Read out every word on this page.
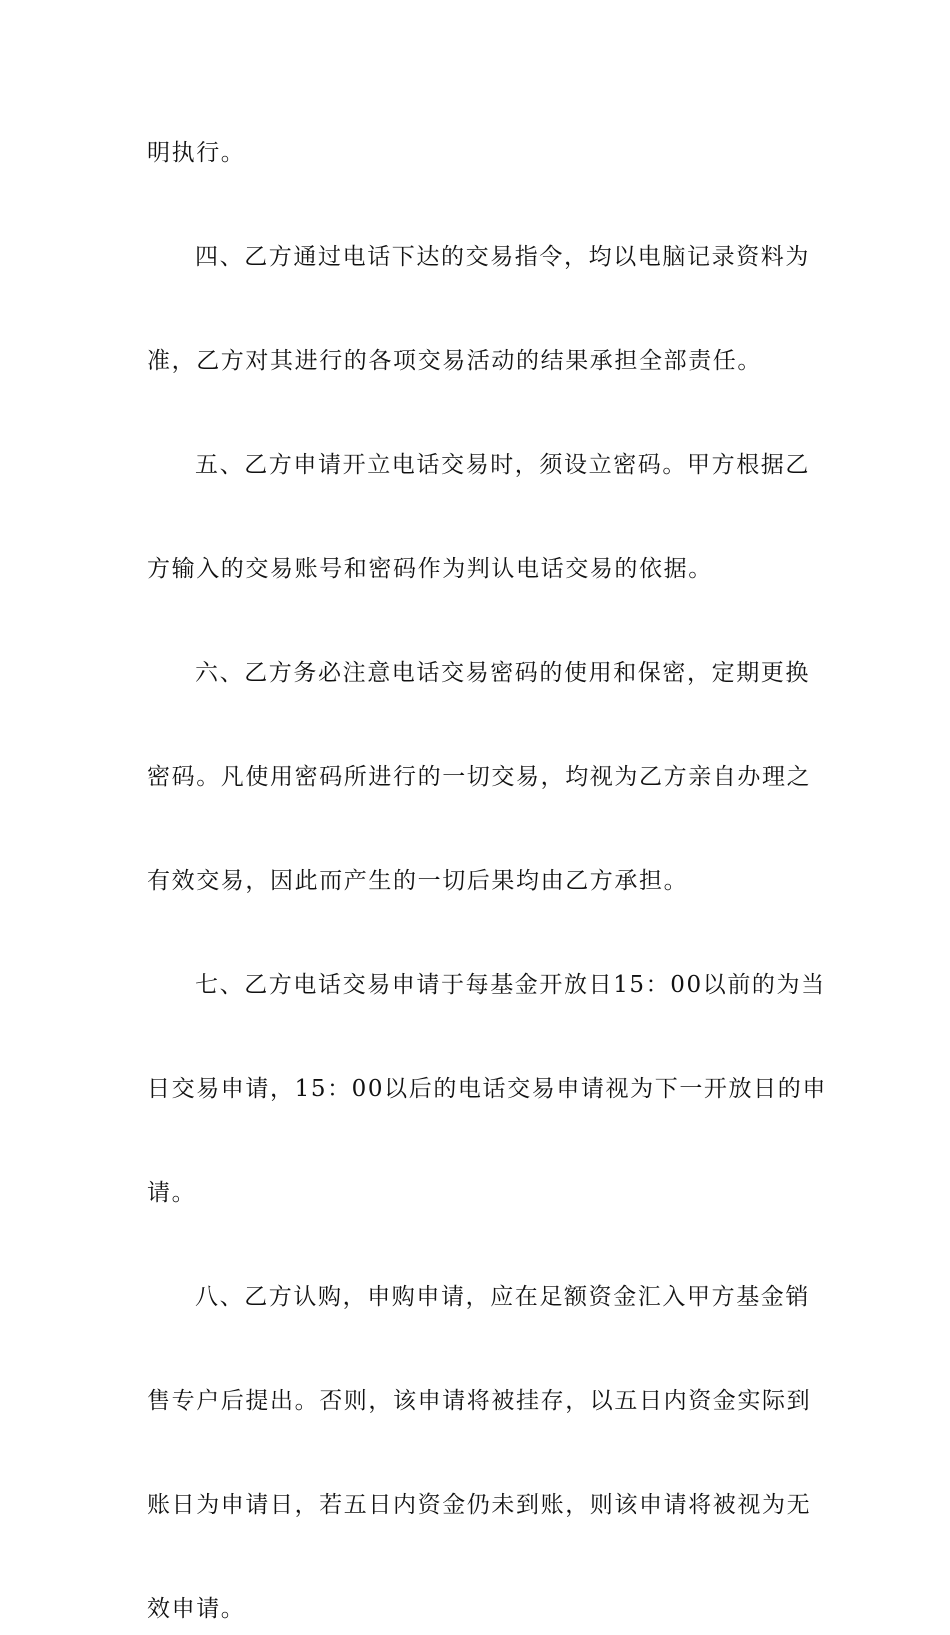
明执行。
四、乙方通过电话下达的交易指令，均以电脑记录资料为
准，乙方对其进行的各项交易活动的结果承担全部责任。
五、乙方申请开立电话交易时，须设立密码。甲方根据乙
方输入的交易账号和密码作为判认电话交易的依据。
六、乙方务必注意电话交易密码的使用和保密，定期更换
密码。凡使用密码所进行的一切交易，均视为乙方亲自办理之
有效交易，因此而产生的一切后果均由乙方承担。
七、乙方电话交易申请于每基金开放日15：00以前的为当
日交易申请，15：00以后的电话交易申请视为下一开放日的申
请。
八、乙方认购，申购申请，应在足额资金汇入甲方基金销
售专户后提出。否则，该申请将被挂存，以五日内资金实际到
账日为申请日，若五日内资金仍未到账，则该申请将被视为无
效申请。
